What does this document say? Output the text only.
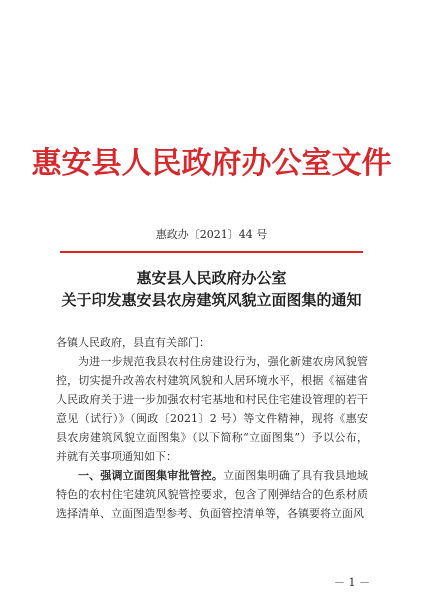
惠安县人民政府办公室文件
惠政办〔2021〕44 号
惠安县人民政府办公室
关于印发惠安县农房建筑风貌立面图集的通知

各镇人民政府，县直有关部门：

为进一步规范我县农村住房建设行为，强化新建农房风貌管控，切实提升改善农村建筑风貌和人居环境水平，根据《福建省人民政府关于进一步加强农村宅基地和村民住宅建设管理的若干意见（试行）》（闽政〔2021〕2 号）等文件精神，现将《惠安县农房建筑风貌立面图集》（以下简称“立面图集”）予以公布，并就有关事项通知如下：

一、强调立面图集审批管控。立面图集明确了具有我县地域特色的农村住宅建筑风貌管控要求，包含了刚弹结合的色系材质选择清单、立面图造型参考、负面管控清单等，各镇要将立面风

－ 1 －
